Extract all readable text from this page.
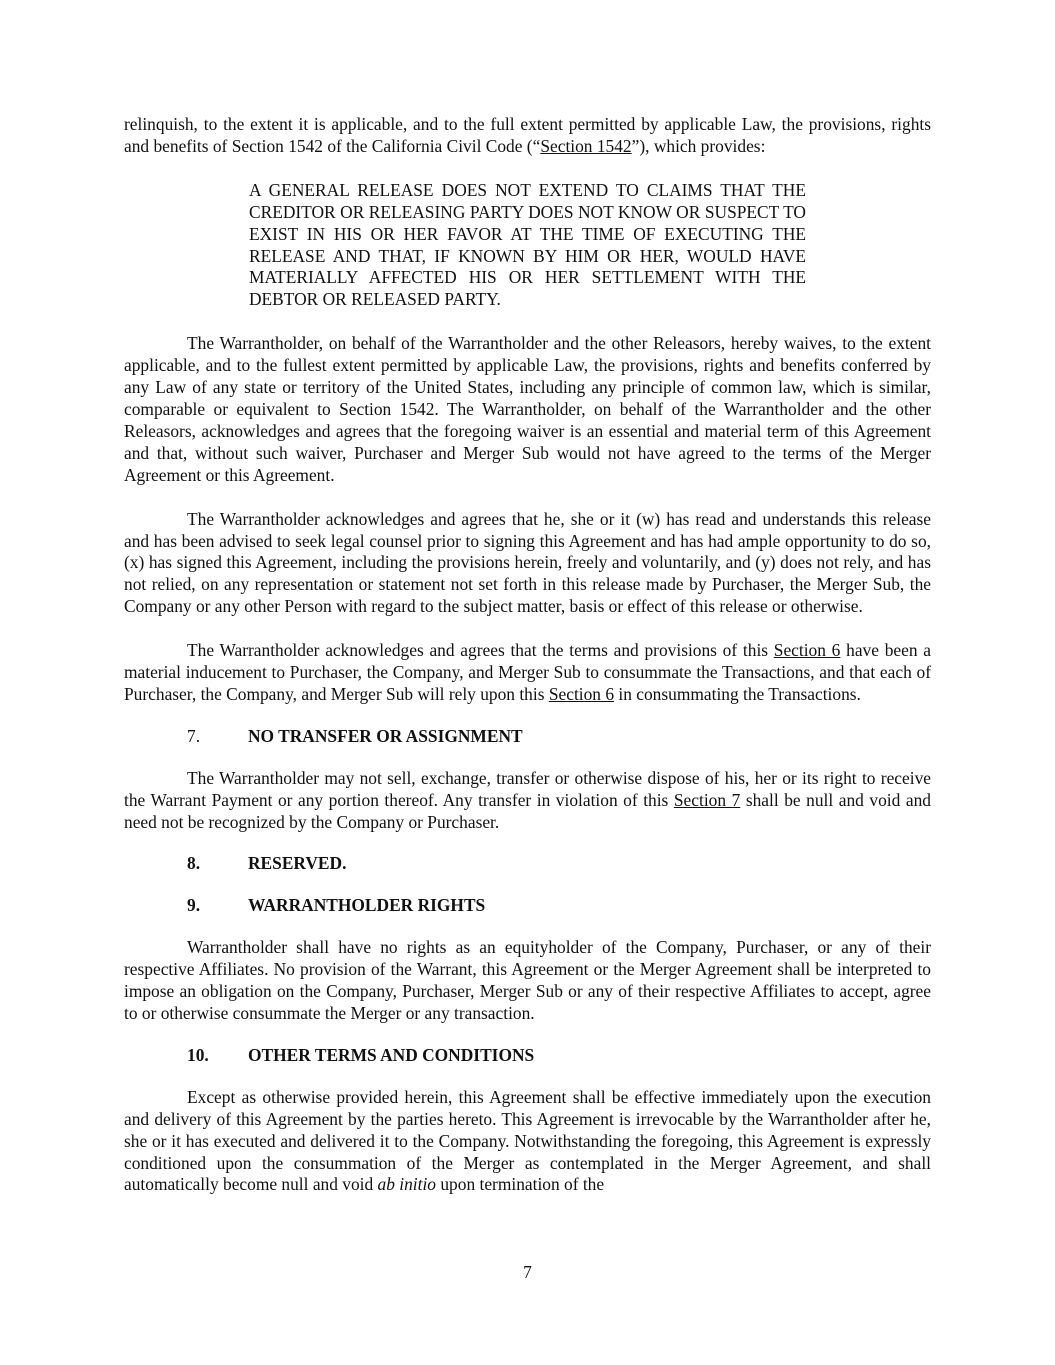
relinquish, to the extent it is applicable, and to the full extent permitted by applicable Law, the provisions, rights and benefits of Section 1542 of the California Civil Code (“Section 1542”), which provides:

A GENERAL RELEASE DOES NOT EXTEND TO CLAIMS THAT THE CREDITOR OR RELEASING PARTY DOES NOT KNOW OR SUSPECT TO EXIST IN HIS OR HER FAVOR AT THE TIME OF EXECUTING THE RELEASE AND THAT, IF KNOWN BY HIM OR HER, WOULD HAVE MATERIALLY AFFECTED HIS OR HER SETTLEMENT WITH THE DEBTOR OR RELEASED PARTY.

The Warrantholder, on behalf of the Warrantholder and the other Releasors, hereby waives, to the extent applicable, and to the fullest extent permitted by applicable Law, the provisions, rights and benefits conferred by any Law of any state or territory of the United States, including any principle of common law, which is similar, comparable or equivalent to Section 1542. The Warrantholder, on behalf of the Warrantholder and the other Releasors, acknowledges and agrees that the foregoing waiver is an essential and material term of this Agreement and that, without such waiver, Purchaser and Merger Sub would not have agreed to the terms of the Merger Agreement or this Agreement.

The Warrantholder acknowledges and agrees that he, she or it (w) has read and understands this release and has been advised to seek legal counsel prior to signing this Agreement and has had ample opportunity to do so, (x) has signed this Agreement, including the provisions herein, freely and voluntarily, and (y) does not rely, and has not relied, on any representation or statement not set forth in this release made by Purchaser, the Merger Sub, the Company or any other Person with regard to the subject matter, basis or effect of this release or otherwise.

The Warrantholder acknowledges and agrees that the terms and provisions of this Section 6 have been a material inducement to Purchaser, the Company, and Merger Sub to consummate the Transactions, and that each of Purchaser, the Company, and Merger Sub will rely upon this Section 6 in consummating the Transactions.

7.	NO TRANSFER OR ASSIGNMENT

The Warrantholder may not sell, exchange, transfer or otherwise dispose of his, her or its right to receive the Warrant Payment or any portion thereof. Any transfer in violation of this Section 7 shall be null and void and need not be recognized by the Company or Purchaser.

8.	RESERVED.

9.	WARRANTHOLDER RIGHTS

Warrantholder shall have no rights as an equityholder of the Company, Purchaser, or any of their respective Affiliates. No provision of the Warrant, this Agreement or the Merger Agreement shall be interpreted to impose an obligation on the Company, Purchaser, Merger Sub or any of their respective Affiliates to accept, agree to or otherwise consummate the Merger or any transaction.

10. OTHER TERMS AND CONDITIONS

Except as otherwise provided herein, this Agreement shall be effective immediately upon the execution and delivery of this Agreement by the parties hereto. This Agreement is irrevocable by the Warrantholder after he, she or it has executed and delivered it to the Company. Notwithstanding the foregoing, this Agreement is expressly conditioned upon the consummation of the Merger as contemplated in the Merger Agreement, and shall automatically become null and void ab initio upon termination of the

7
